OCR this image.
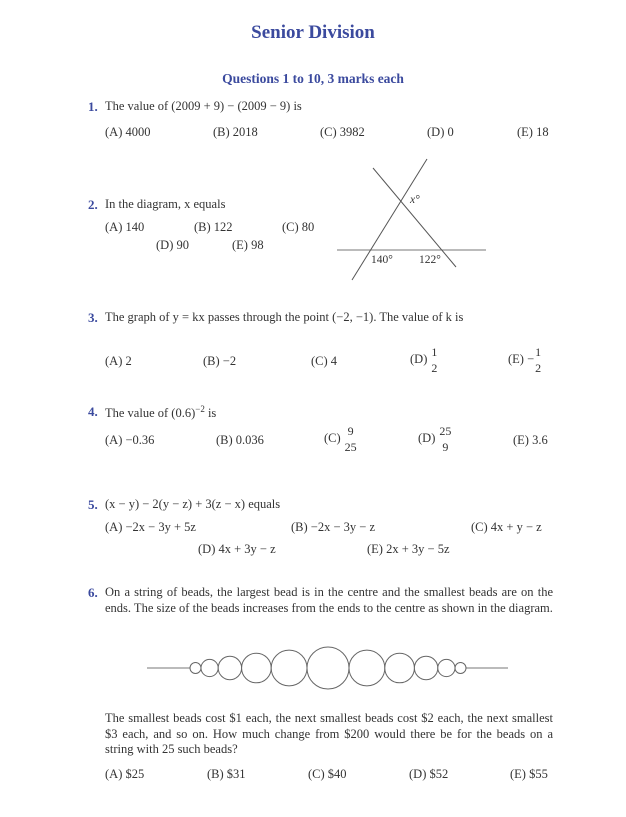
Senior Division
Questions 1 to 10, 3 marks each
1. The value of (2009 + 9) − (2009 − 9) is
(A) 4000	(B) 2018	(C) 3982	(D) 0	(E) 18
2. In the diagram, x equals
(A) 140	(B) 122	(C) 80
(D) 90	(E) 98
x°
140° 122°
3. The graph of y = kx passes through the point (−2, −1). The value of k is
(A) 2	(B) −2	(C) 4	(D) 1
2
(E) − 1
2
4. The value of $(0.6)^{-2}$ is
(A) −0.36	(B) 0.036	(C) 9
25
(D) 25
9	(E) 3.6
5. (x − y) − 2(y − z) + 3(z − x) equals
(A) −2x − 3y + 5z	(B) −2x − 3y − z	(C) 4x + y − z
(D) 4x + 3y − z	(E) 2x + 3y − 5z
6. On a string of beads, the largest bead is in the centre and the smallest beads are on the ends. The size of the beads increases from the ends to the centre as shown in the diagram.
The smallest beads cost $1 each, the next smallest beads cost $2 each, the next smallest $3 each, and so on. How much change from $200 would there be for the beads on a string with 25 such beads?
(A) $25	(B) $31	(C) $40	(D) $52	(E) $55
